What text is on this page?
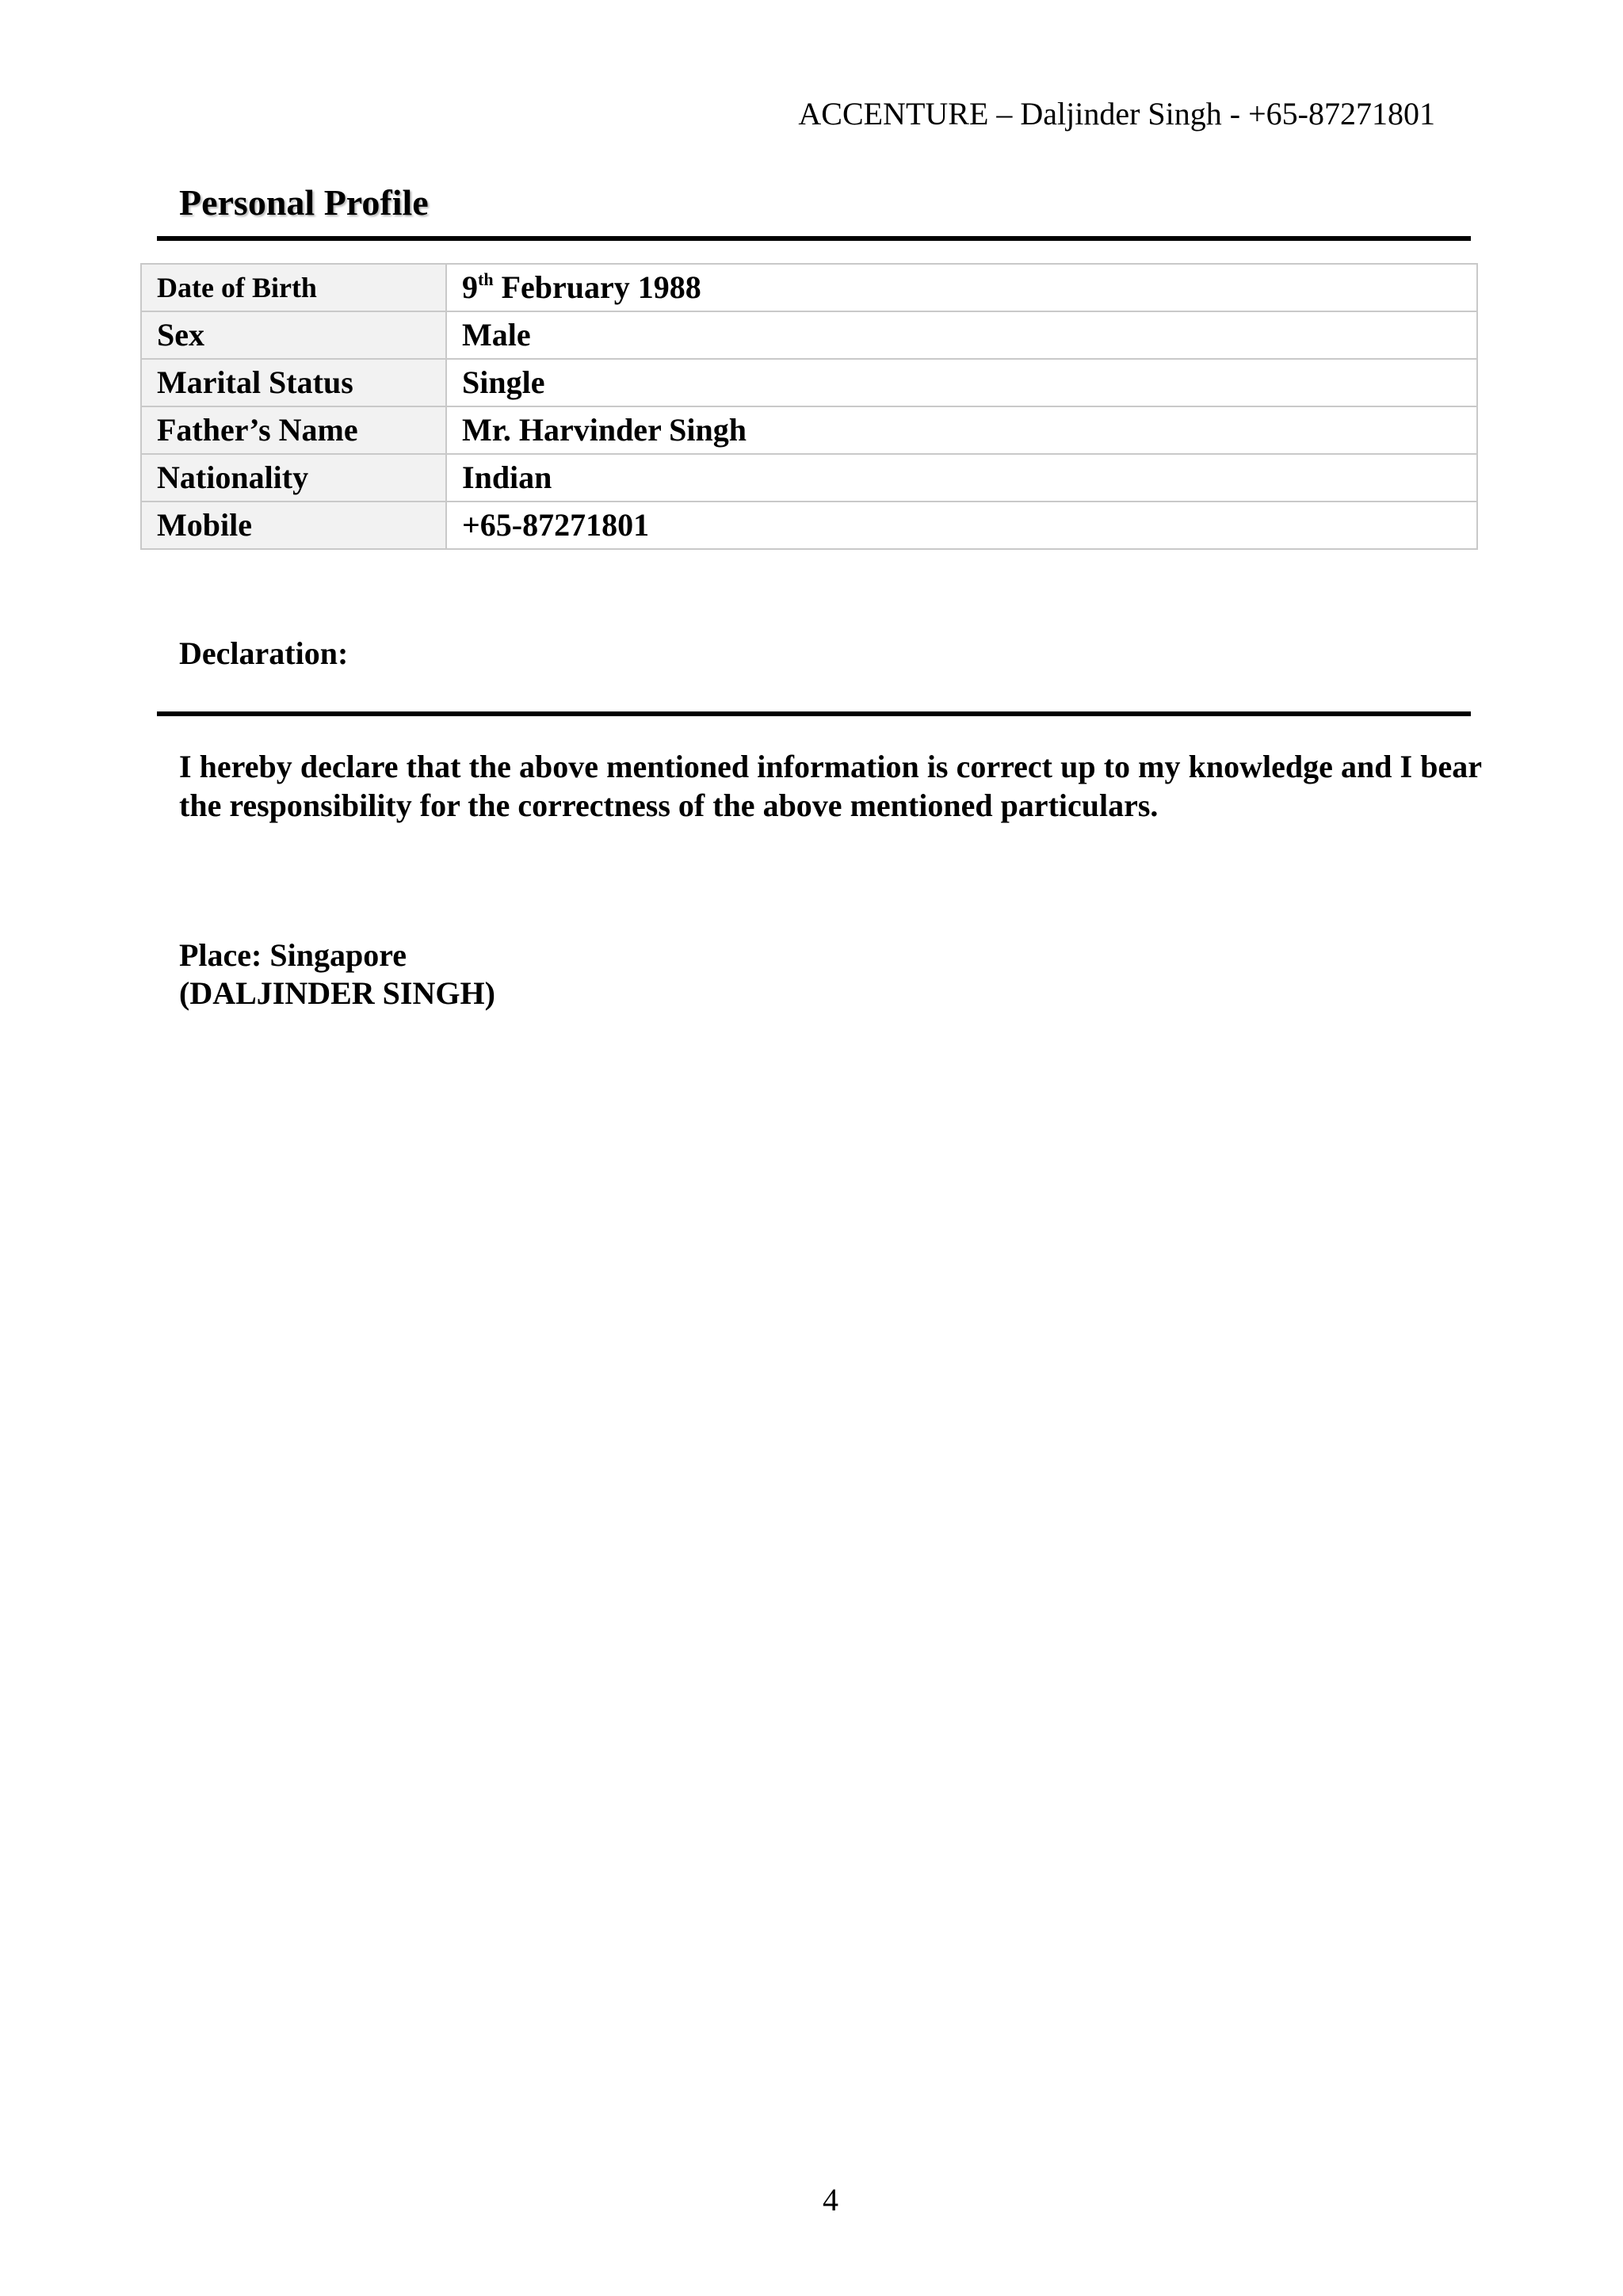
ACCENTURE – Daljinder Singh - +65-87271801
Personal Profile
Date of Birth	9th February 1988
Sex	Male
Marital Status	Single
Father’s Name	Mr. Harvinder Singh
Nationality	Indian
Mobile	+65-87271801
Declaration:
I hereby declare that the above mentioned information is correct up to my knowledge and I bear the responsibility for the correctness of the above mentioned particulars.
Place: Singapore
(DALJINDER SINGH)
4
